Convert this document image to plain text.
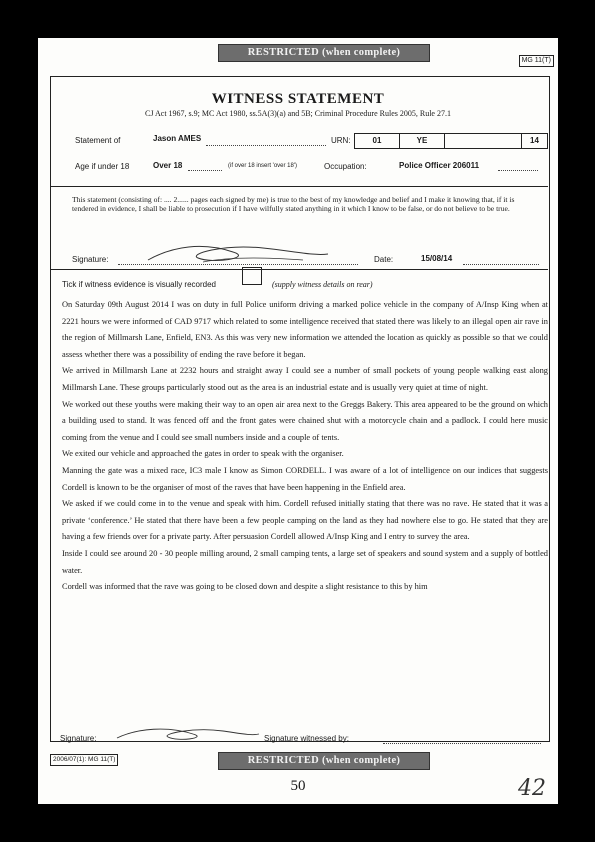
RESTRICTED (when complete)
MG 11(T)
WITNESS STATEMENT
CJ Act 1967, s.9; MC Act 1980, ss.5A(3)(a) and 5B; Criminal Procedure Rules 2005, Rule 27.1
Statement of	Jason AMES	URN:	01	YE	14
Age if under 18	Over 18	(if over 18 insert 'over 18')	Occupation:	Police Officer 206011
This statement (consisting of: .... 2...... pages each signed by me) is true to the best of my knowledge and belief and I make it knowing that, if it is tendered in evidence, I shall be liable to prosecution if I have wilfully stated anything in it which I know to be false, or do not believe to be true.
Signature:	Date:	15/08/14
Tick if witness evidence is visually recorded	(supply witness details on rear)

On Saturday 09th August 2014 I was on duty in full Police uniform driving a marked police vehicle in the company of A/Insp King when at 2221 hours we were informed of CAD 9717 which related to some intelligence received that stated there was likely to an illegal open air rave in the region of Millmarsh Lane, Enfield, EN3. As this was very new information we attended the location as quickly as possible so that we could assess whether there was a possibility of ending the rave before it began.

We arrived in Millmarsh Lane at 2232 hours and straight away I could see a number of small pockets of young people walking east along Millmarsh Lane. These groups particularly stood out as the area is an industrial estate and is usually very quiet at time of night.

We worked out these youths were making their way to an open air area next to the Greggs Bakery. This area appeared to be the ground on which a building used to stand. It was fenced off and the front gates were chained shut with a motorcycle chain and a padlock. I could here music coming from the venue and I could see small numbers inside and a couple of tents.

We exited our vehicle and approached the gates in order to speak with the organiser.

Manning the gate was a mixed race, IC3 male I know as Simon CORDELL. I was aware of a lot of intelligence on our indices that suggests Cordell is known to be the organiser of most of the raves that have been happening in the Enfield area.

We asked if we could come in to the venue and speak with him. Cordell refused initially stating that there was no rave. He stated that it was a private ‘conference.’ He stated that there have been a few people camping on the land as they had nowhere else to go. He stated that they are having a few friends over for a private party. After persuasion Cordell allowed A/Insp King and I entry to survey the area.

Inside I could see around 20 - 30 people milling around, 2 small camping tents, a large set of speakers and sound system and a supply of bottled water.

Cordell was informed that the rave was going to be closed down and despite a slight resistance to this by him

Signature:	Signature witnessed by:
2006/07(1): MG 11(T)	RESTRICTED (when complete)
50	42
